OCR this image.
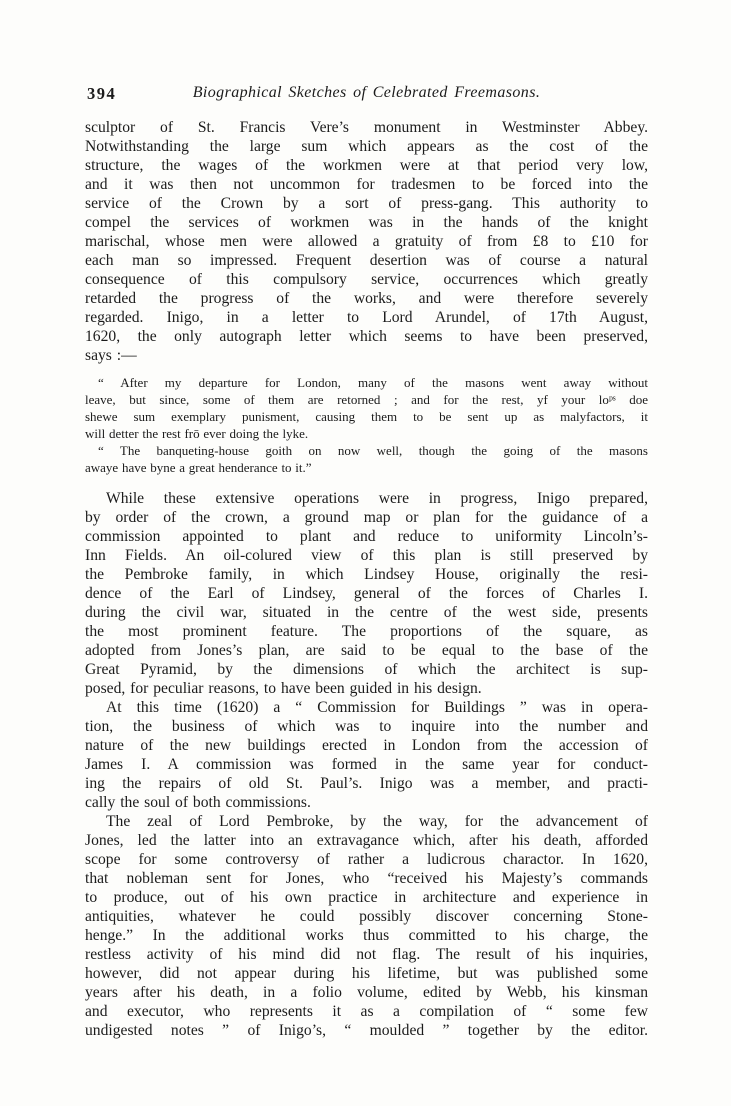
394	Biographical Sketches of Celebrated Freemasons.
sculptor of St. Francis Vere’s monument in Westminster Abbey.
Notwithstanding the large sum which appears as the cost of the
structure, the wages of the workmen were at that period very low,
and it was then not uncommon for tradesmen to be forced into the
service of the Crown by a sort of press-gang. This authority to
compel the services of workmen was in the hands of the knight
marischal, whose men were allowed a gratuity of from £8 to £10 for
each man so impressed. Frequent desertion was of course a natural
consequence of this compulsory service, occurrences which greatly
retarded the progress of the works, and were therefore severely
regarded. Inigo, in a letter to Lord Arundel, of 17th August,
1620, the only autograph letter which seems to have been preserved,
says :—
“ After my departure for London, many of the masons went away without
leave, but since, some of them are retorned ; and for the rest, yf your loᵖˢ doe
shewe sum exemplary punisment, causing them to be sent up as malyfactors, it
will detter the rest frō ever doing the lyke.
“ The banqueting-house goith on now well, though the going of the masons
awaye have byne a great henderance to it.”
While these extensive operations were in progress, Inigo prepared,
by order of the crown, a ground map or plan for the guidance of a
commission appointed to plant and reduce to uniformity Lincoln’s-
Inn Fields. An oil-colured view of this plan is still preserved by
the Pembroke family, in which Lindsey House, originally the resi-
dence of the Earl of Lindsey, general of the forces of Charles I.
during the civil war, situated in the centre of the west side, presents
the most prominent feature. The proportions of the square, as
adopted from Jones’s plan, are said to be equal to the base of the
Great Pyramid, by the dimensions of which the architect is sup-
posed, for peculiar reasons, to have been guided in his design.
At this time (1620) a “ Commission for Buildings ” was in opera-
tion, the business of which was to inquire into the number and
nature of the new buildings erected in London from the accession of
James I. A commission was formed in the same year for conduct-
ing the repairs of old St. Paul’s. Inigo was a member, and practi-
cally the soul of both commissions.
The zeal of Lord Pembroke, by the way, for the advancement of
Jones, led the latter into an extravagance which, after his death, afforded
scope for some controversy of rather a ludicrous charactor. In 1620,
that nobleman sent for Jones, who “received his Majesty’s commands
to produce, out of his own practice in architecture and experience in
antiquities, whatever he could possibly discover concerning Stone-
henge.” In the additional works thus committed to his charge, the
restless activity of his mind did not flag. The result of his inquiries,
however, did not appear during his lifetime, but was published some
years after his death, in a folio volume, edited by Webb, his kinsman
and executor, who represents it as a compilation of “ some few
undigested notes ” of Inigo’s, “ moulded ” together by the editor.
